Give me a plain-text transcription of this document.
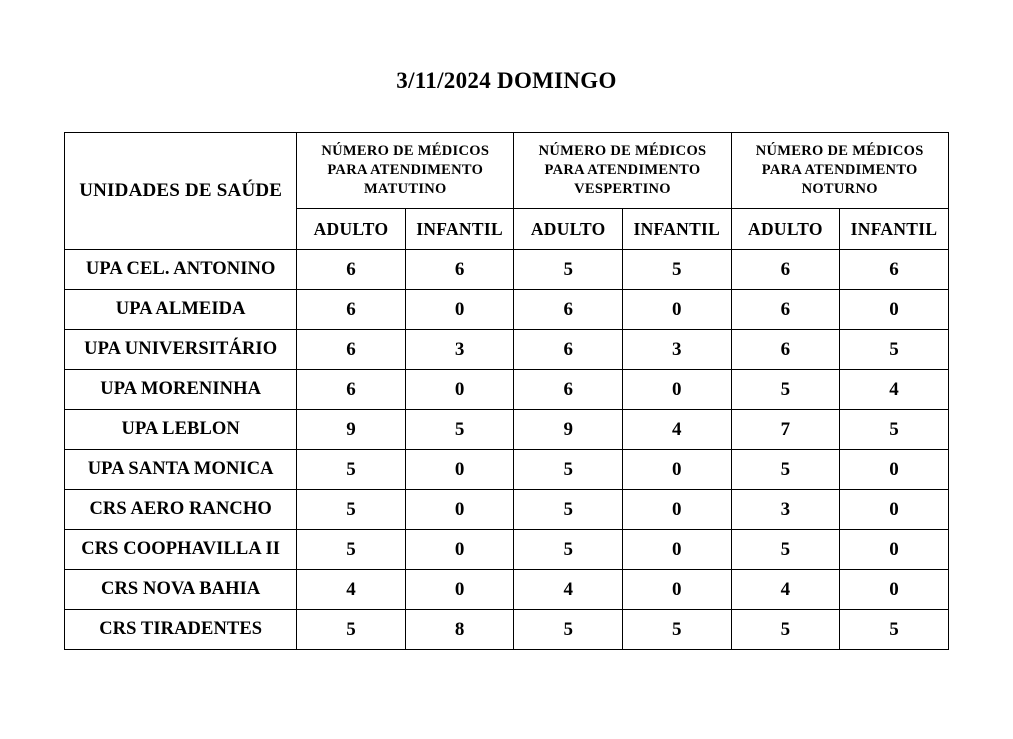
3/11/2024 DOMINGO
UNIDADES DE SAÚDE	NÚMERO DE MÉDICOS PARA ATENDIMENTO MATUTINO		NÚMERO DE MÉDICOS PARA ATENDIMENTO VESPERTINO		NÚMERO DE MÉDICOS PARA ATENDIMENTO NOTURNO	
	ADULTO	INFANTIL	ADULTO	INFANTIL	ADULTO	INFANTIL
UPA CEL. ANTONINO	6	6	5	5	6	6
UPA ALMEIDA	6	0	6	0	6	0
UPA UNIVERSITÁRIO	6	3	6	3	6	5
UPA MORENINHA	6	0	6	0	5	4
UPA LEBLON	9	5	9	4	7	5
UPA SANTA MONICA	5	0	5	0	5	0
CRS AERO RANCHO	5	0	5	0	3	0
CRS COOPHAVILLA II	5	0	5	0	5	0
CRS NOVA BAHIA	4	0	4	0	4	0
CRS TIRADENTES	5	8	5	5	5	5
